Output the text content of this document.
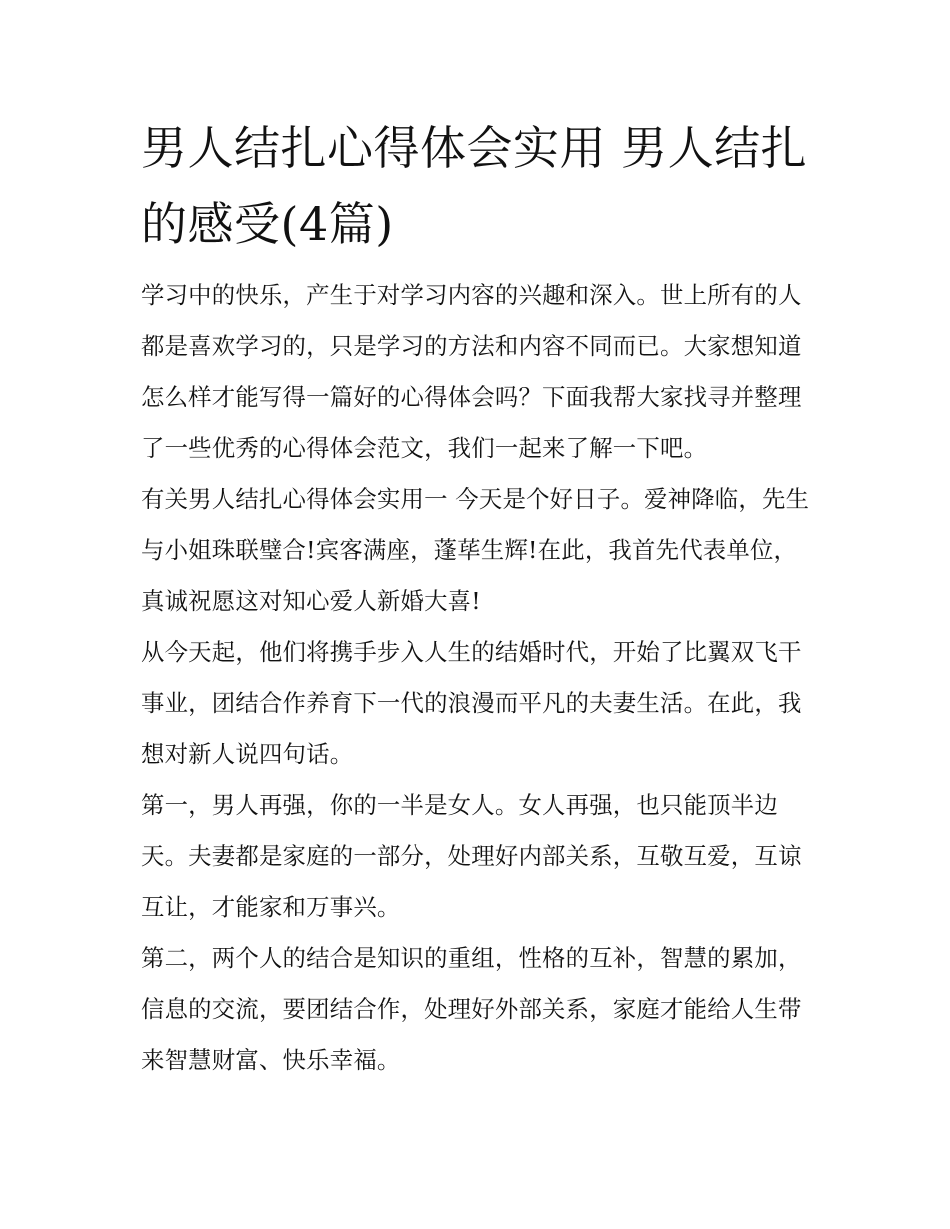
男人结扎心得体会实用 男人结扎的感受(4篇)

学习中的快乐，产生于对学习内容的兴趣和深入。世上所有的人都是喜欢学习的，只是学习的方法和内容不同而已。大家想知道怎么样才能写得一篇好的心得体会吗？下面我帮大家找寻并整理了一些优秀的心得体会范文，我们一起来了解一下吧。

有关男人结扎心得体会实用一 今天是个好日子。爱神降临，先生与小姐珠联璧合!宾客满座，蓬荜生辉!在此，我首先代表单位，真诚祝愿这对知心爱人新婚大喜!

从今天起，他们将携手步入人生的结婚时代，开始了比翼双飞干事业，团结合作养育下一代的浪漫而平凡的夫妻生活。在此，我想对新人说四句话。

第一，男人再强，你的一半是女人。女人再强，也只能顶半边天。夫妻都是家庭的一部分，处理好内部关系，互敬互爱，互谅互让，才能家和万事兴。

第二，两个人的结合是知识的重组，性格的互补，智慧的累加，信息的交流，要团结合作，处理好外部关系，家庭才能给人生带来智慧财富、快乐幸福。
